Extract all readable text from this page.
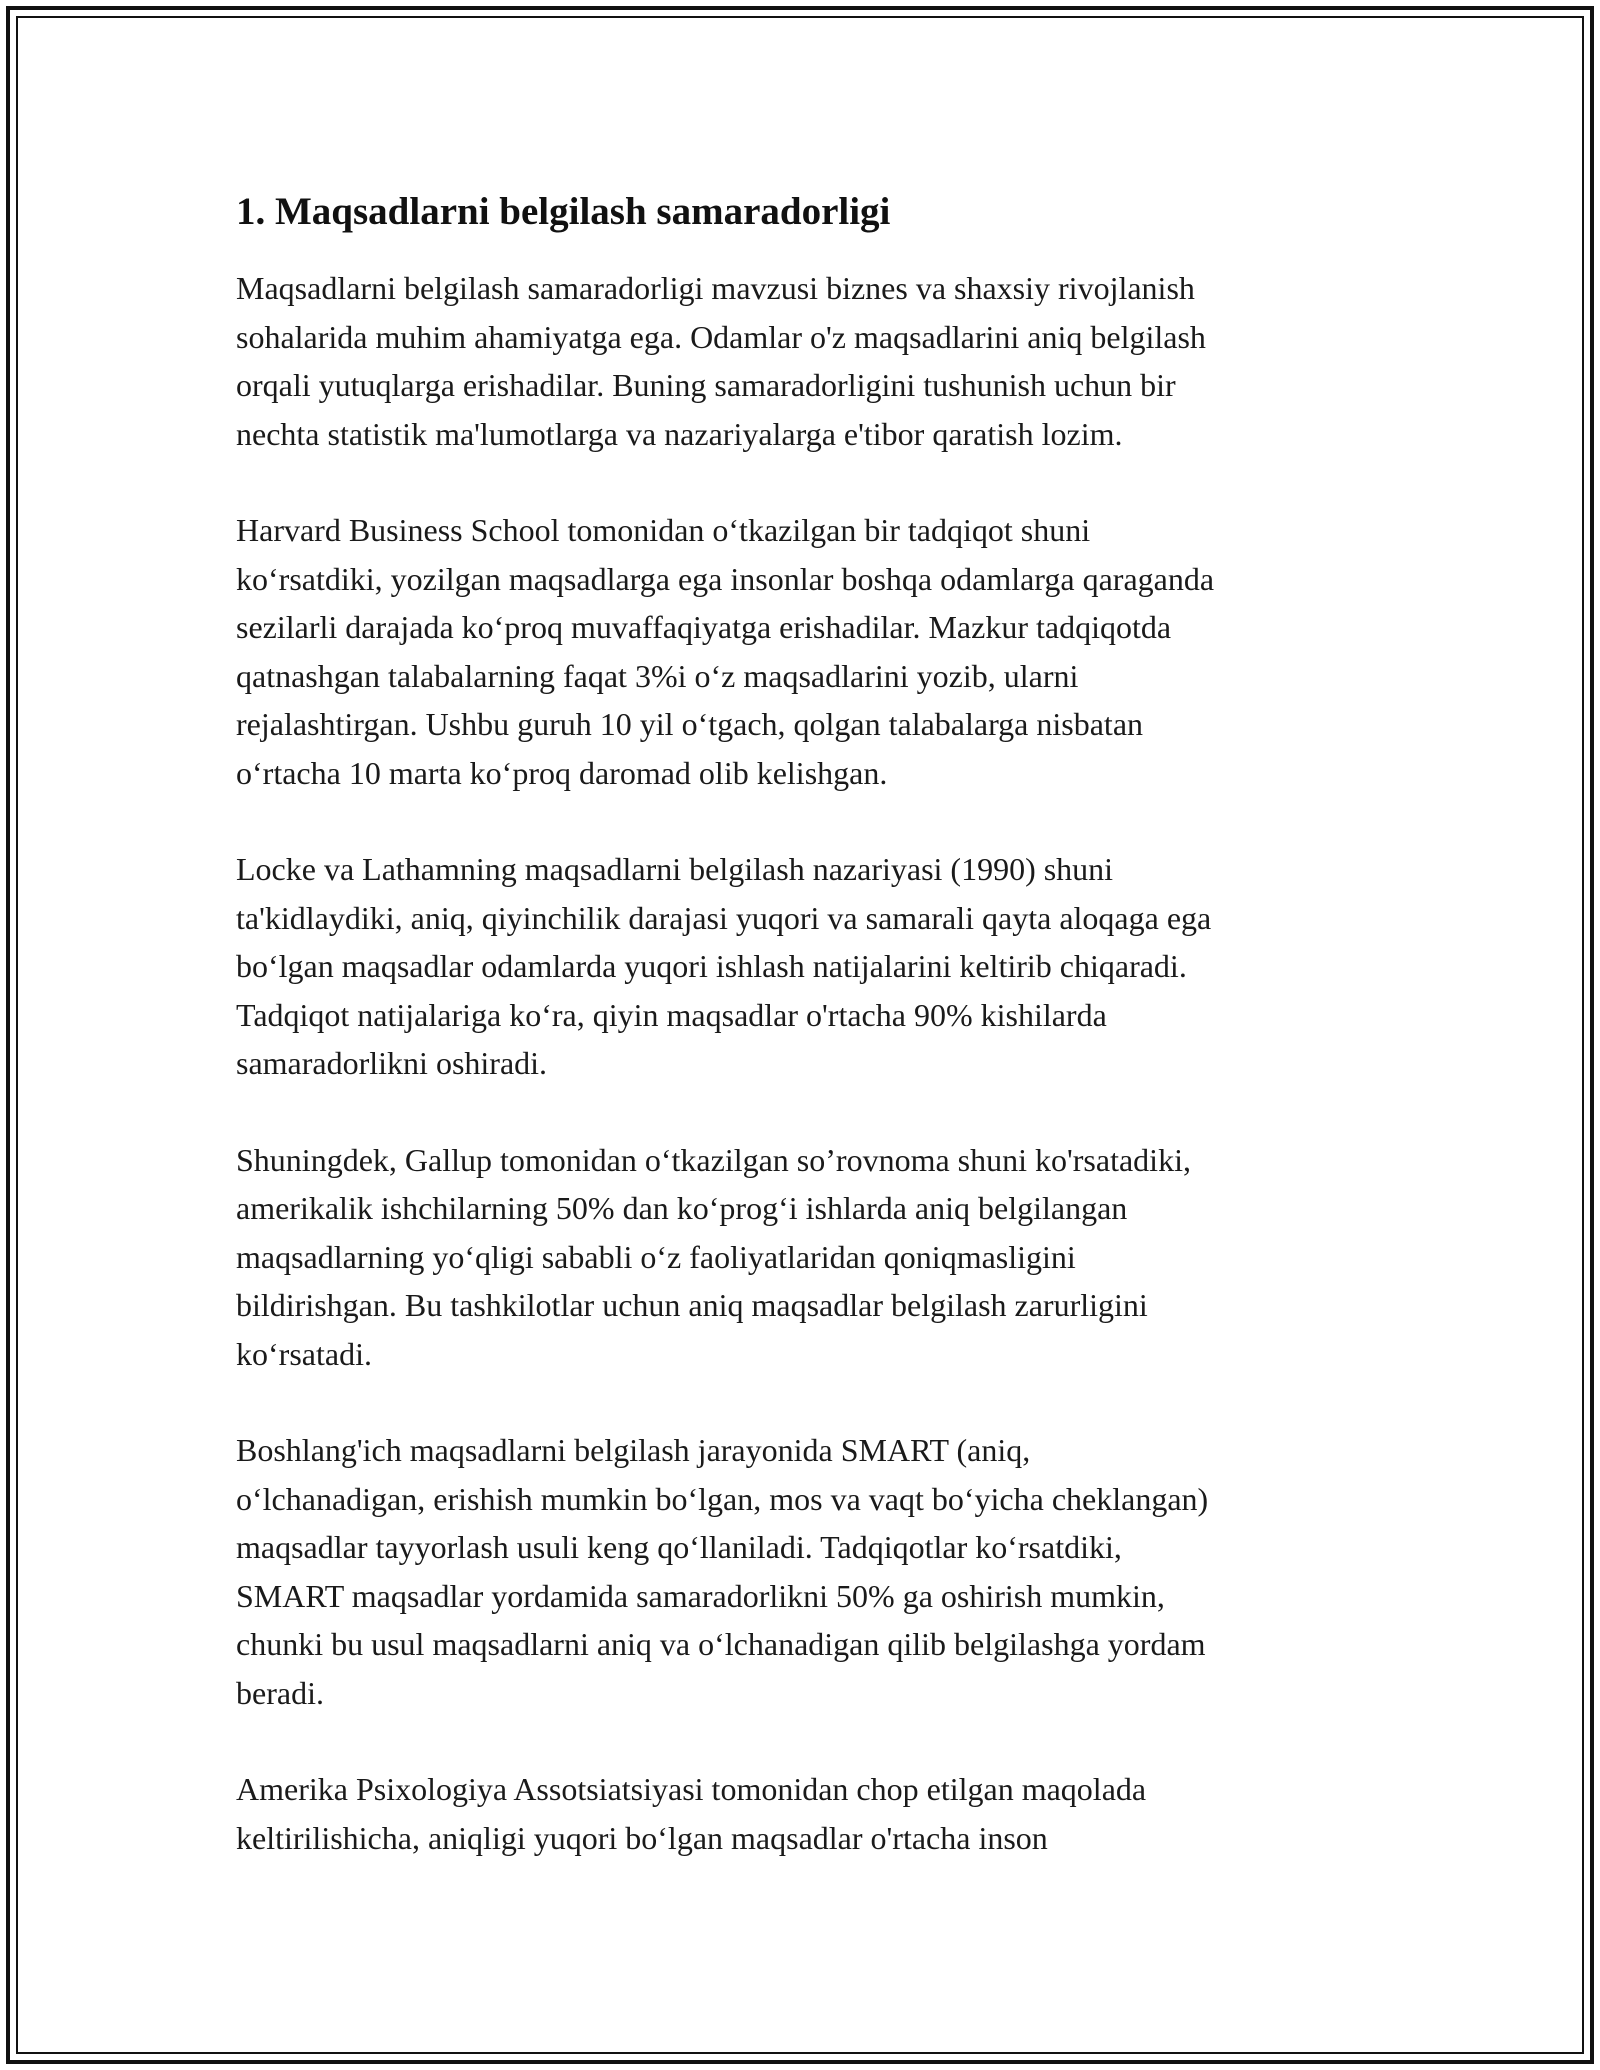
1. Maqsadlarni belgilash samaradorligi

Maqsadlarni belgilash samaradorligi mavzusi biznes va shaxsiy rivojlanish
sohalarida muhim ahamiyatga ega. Odamlar o'z maqsadlarini aniq belgilash
orqali yutuqlarga erishadilar. Buning samaradorligini tushunish uchun bir
nechta statistik ma'lumotlarga va nazariyalarga e'tibor qaratish lozim.

Harvard Business School tomonidan oʻtkazilgan bir tadqiqot shuni
koʻrsatdiki, yozilgan maqsadlarga ega insonlar boshqa odamlarga qaraganda
sezilarli darajada koʻproq muvaffaqiyatga erishadilar. Mazkur tadqiqotda
qatnashgan talabalarning faqat 3%i oʻz maqsadlarini yozib, ularni
rejalashtirgan. Ushbu guruh 10 yil oʻtgach, qolgan talabalarga nisbatan
oʻrtacha 10 marta koʻproq daromad olib kelishgan.

Locke va Lathamning maqsadlarni belgilash nazariyasi (1990) shuni
ta'kidlaydiki, aniq, qiyinchilik darajasi yuqori va samarali qayta aloqaga ega
boʻlgan maqsadlar odamlarda yuqori ishlash natijalarini keltirib chiqaradi.
Tadqiqot natijalariga koʻra, qiyin maqsadlar o'rtacha 90% kishilarda
samaradorlikni oshiradi.

Shuningdek, Gallup tomonidan oʻtkazilgan so’rovnoma shuni ko'rsatadiki,
amerikalik ishchilarning 50% dan koʻprogʻi ishlarda aniq belgilangan
maqsadlarning yoʻqligi sababli oʻz faoliyatlaridan qoniqmasligini
bildirishgan. Bu tashkilotlar uchun aniq maqsadlar belgilash zarurligini
koʻrsatadi.

Boshlang'ich maqsadlarni belgilash jarayonida SMART (aniq,
oʻlchanadigan, erishish mumkin boʻlgan, mos va vaqt boʻyicha cheklangan)
maqsadlar tayyorlash usuli keng qoʻllaniladi. Tadqiqotlar koʻrsatdiki,
SMART maqsadlar yordamida samaradorlikni 50% ga oshirish mumkin,
chunki bu usul maqsadlarni aniq va oʻlchanadigan qilib belgilashga yordam
beradi.

Amerika Psixologiya Assotsiatsiyasi tomonidan chop etilgan maqolada
keltirilishicha, aniqligi yuqori boʻlgan maqsadlar o'rtacha inson
